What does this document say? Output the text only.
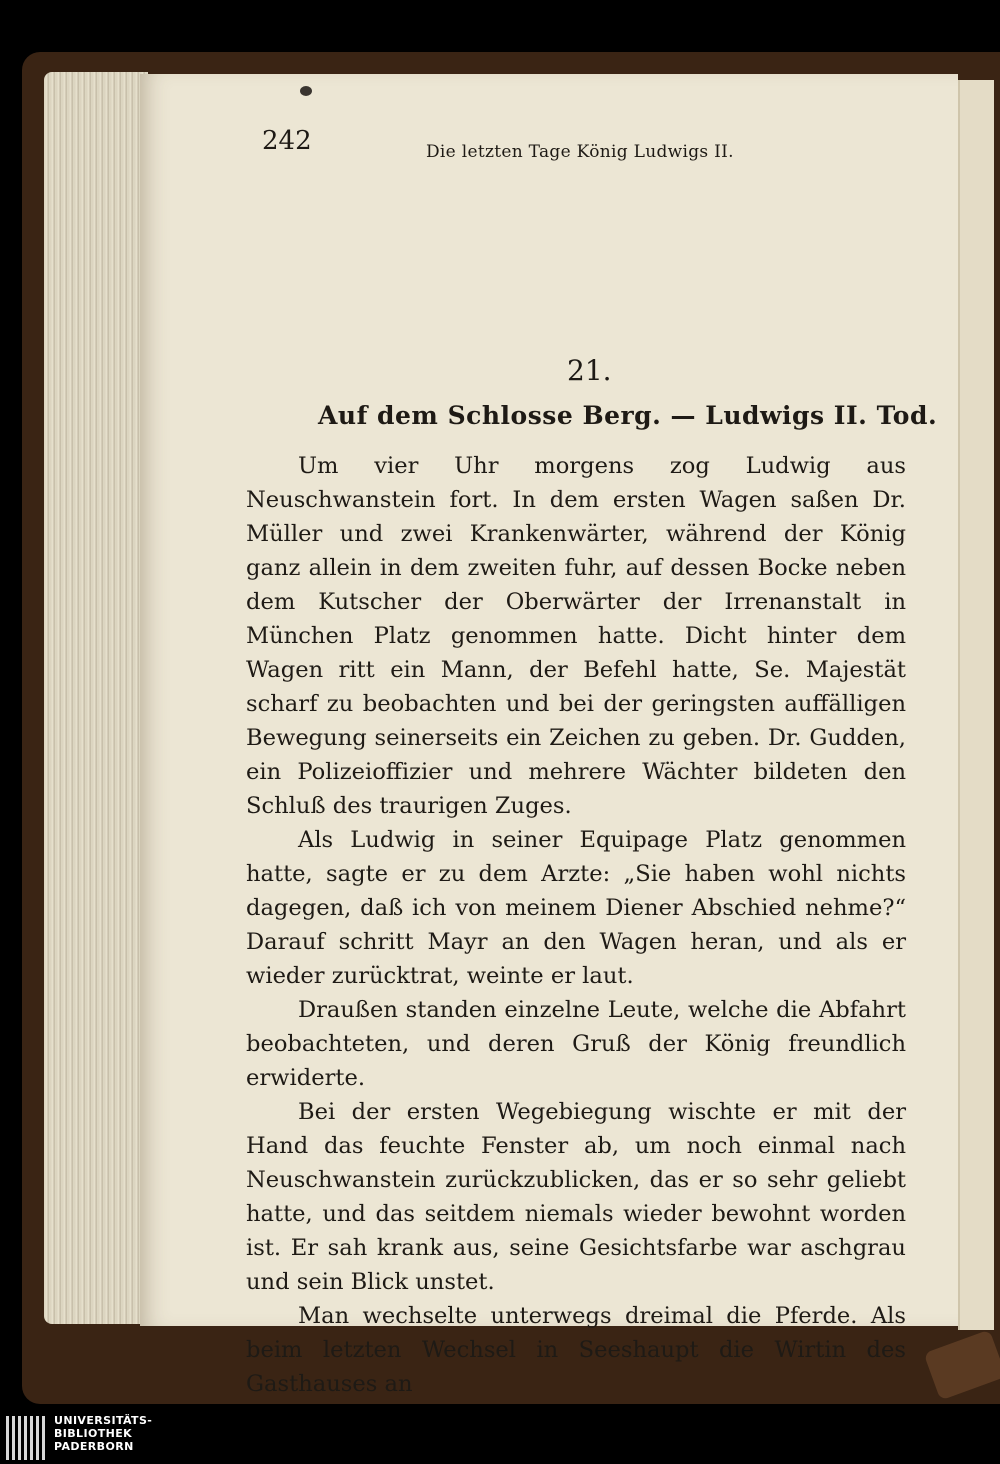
242	Die letzten Tage König Ludwigs II.
21.
Auf dem Schlosse Berg. — Ludwigs II. Tod.

Um vier Uhr morgens zog Ludwig aus Neuschwanstein fort. In dem ersten Wagen saßen Dr. Müller und zwei Krankenwärter, während der König ganz allein in dem zweiten fuhr, auf dessen Bocke neben dem Kutscher der Oberwärter der Irrenanstalt in München Platz genommen hatte. Dicht hinter dem Wagen ritt ein Mann, der Befehl hatte, Se. Majestät scharf zu beobachten und bei der geringsten auffälligen Bewegung seinerseits ein Zeichen zu geben. Dr. Gudden, ein Polizeioffizier und mehrere Wächter bildeten den Schluß des traurigen Zuges.

Als Ludwig in seiner Equipage Platz genommen hatte, sagte er zu dem Arzte: „Sie haben wohl nichts dagegen, daß ich von meinem Diener Abschied nehme?“ Darauf schritt Mayr an den Wagen heran, und als er wieder zurücktrat, weinte er laut.

Draußen standen einzelne Leute, welche die Abfahrt beobachteten, und deren Gruß der König freundlich erwiderte.

Bei der ersten Wegebiegung wischte er mit der Hand das feuchte Fenster ab, um noch einmal nach Neuschwanstein zurückzublicken, das er so sehr geliebt hatte, und das seitdem niemals wieder bewohnt worden ist. Er sah krank aus, seine Gesichtsfarbe war aschgrau und sein Blick unstet.

Man wechselte unterwegs dreimal die Pferde. Als beim letzten Wechsel in Seeshaupt die Wirtin des Gasthauses an

UNIVERSITÄTS-
BIBLIOTHEK
PADERBORN
